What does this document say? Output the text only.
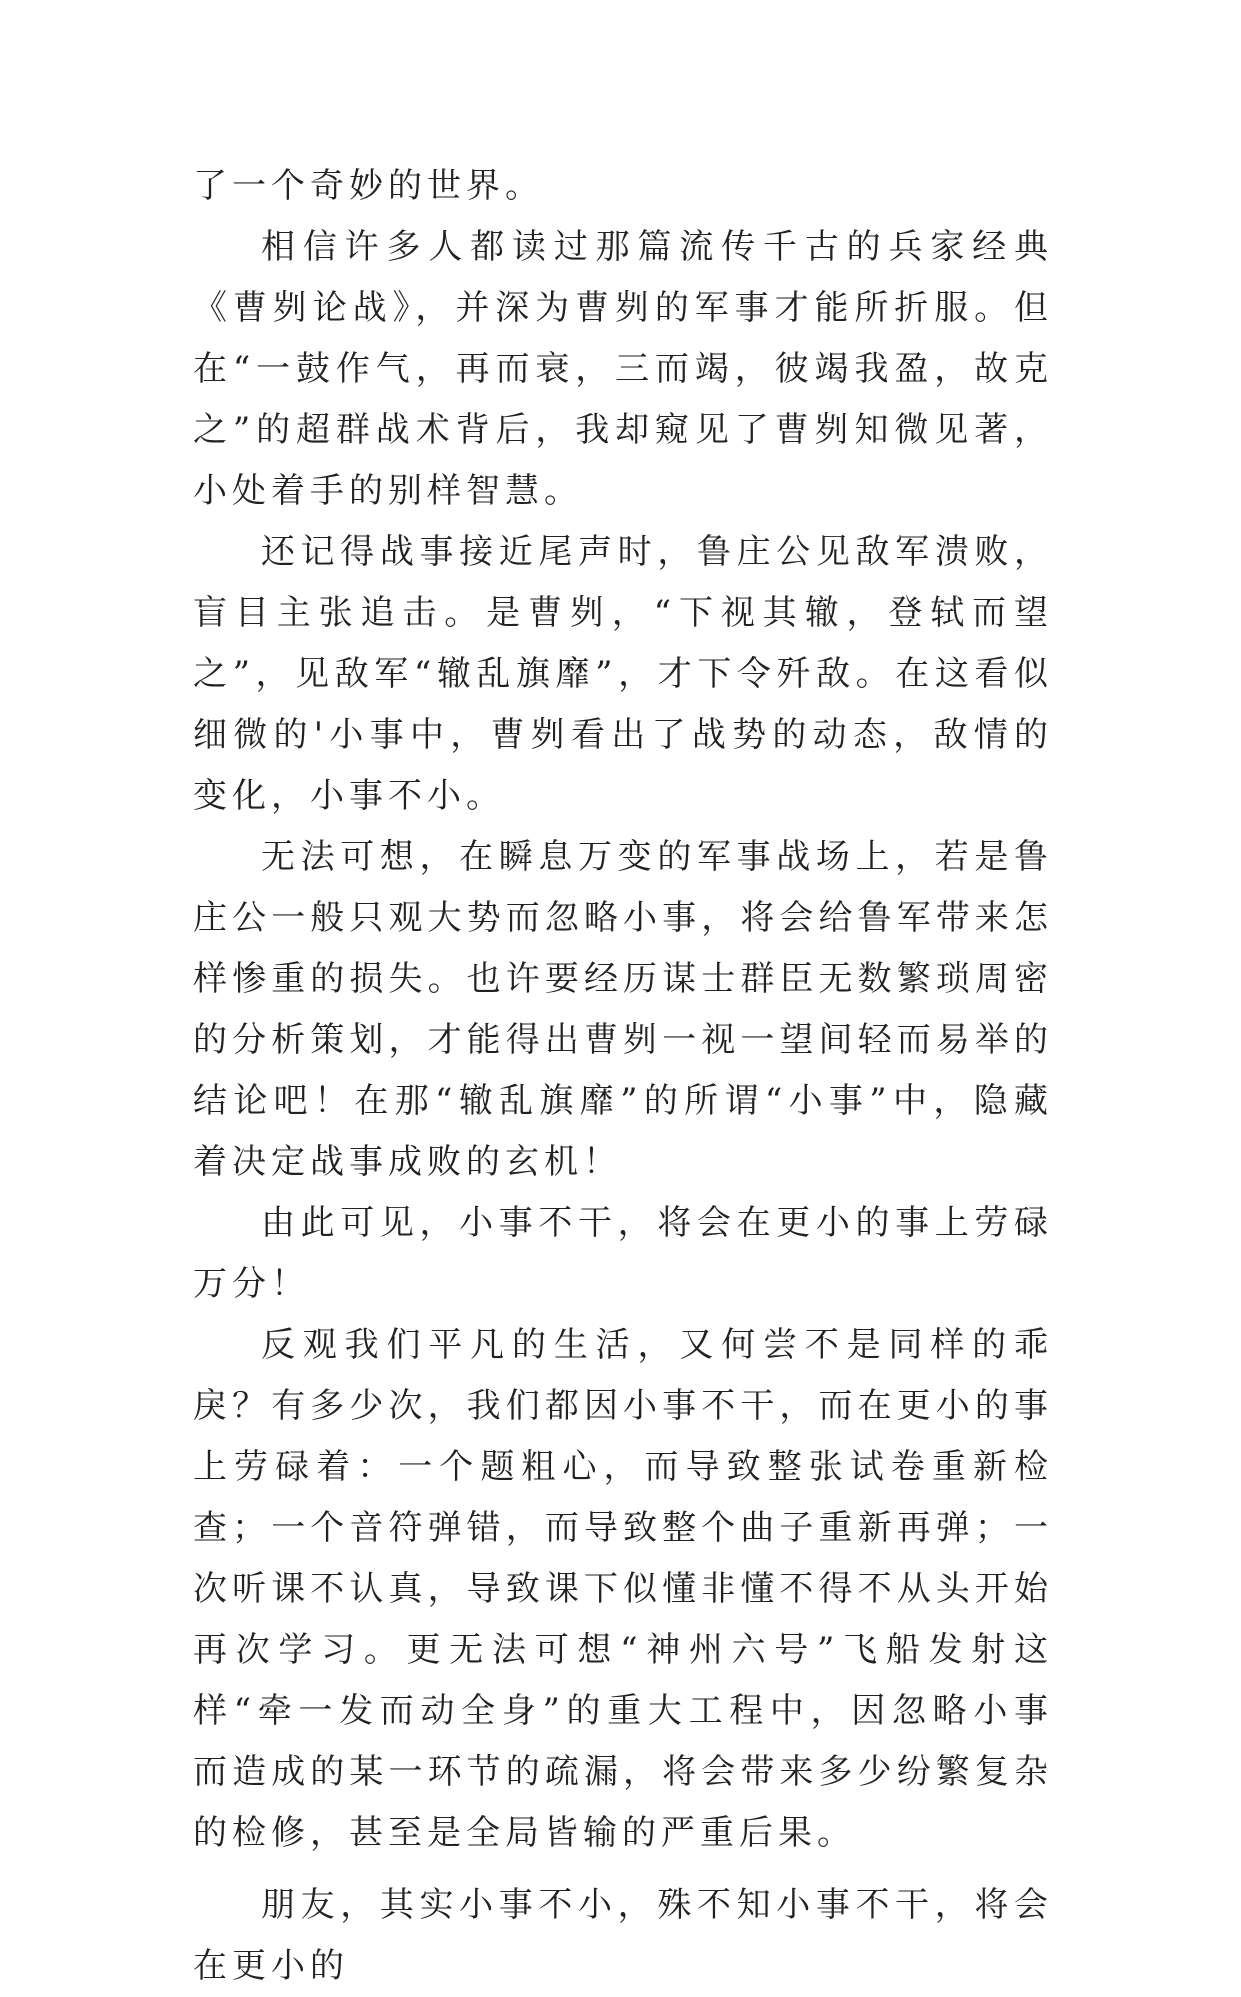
了一个奇妙的世界。

相信许多人都读过那篇流传千古的兵家经典《曹刿论战》，并深为曹刿的军事才能所折服。但在“一鼓作气，再而衰，三而竭，彼竭我盈，故克之”的超群战术背后，我却窥见了曹刿知微见著，小处着手的别样智慧。

还记得战事接近尾声时，鲁庄公见敌军溃败，盲目主张追击。是曹刿，“下视其辙，登轼而望之”，见敌军“辙乱旗靡”，才下令歼敌。在这看似细微的'小事中，曹刿看出了战势的动态，敌情的变化，小事不小。

无法可想，在瞬息万变的军事战场上，若是鲁庄公一般只观大势而忽略小事，将会给鲁军带来怎样惨重的损失。也许要经历谋士群臣无数繁琐周密的分析策划，才能得出曹刿一视一望间轻而易举的结论吧！在那“辙乱旗靡”的所谓“小事”中，隐藏着决定战事成败的玄机！

由此可见，小事不干，将会在更小的事上劳碌万分！

反观我们平凡的生活，又何尝不是同样的乖戾？有多少次，我们都因小事不干，而在更小的事上劳碌着：一个题粗心，而导致整张试卷重新检查；一个音符弹错，而导致整个曲子重新再弹；一次听课不认真，导致课下似懂非懂不得不从头开始再次学习。更无法可想“神州六号”飞船发射这样“牵一发而动全身”的重大工程中，因忽略小事而造成的某一环节的疏漏，将会带来多少纷繁复杂的检修，甚至是全局皆输的严重后果。

朋友，其实小事不小，殊不知小事不干，将会在更小的
